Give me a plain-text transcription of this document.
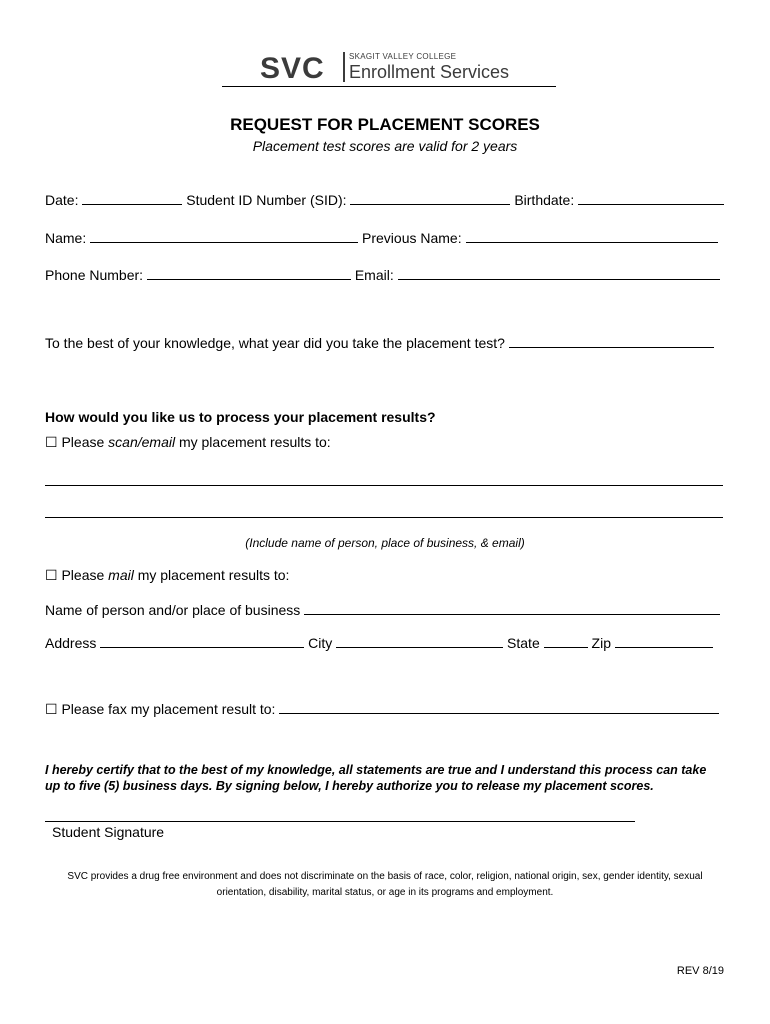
SVC	SKAGIT VALLEY COLLEGE
Enrollment Services
REQUEST FOR PLACEMENT SCORES
Placement test scores are valid for 2 years
Date:	Student ID Number (SID):	Birthdate:
Name:	Previous Name:
Phone Number:	Email:
To the best of your knowledge, what year did you take the placement test?
How would you like us to process your placement results?
☐ Please scan/email my placement results to:
(Include name of person, place of business, & email)
☐ Please mail my placement results to:
Name of person and/or place of business
Address	City	State	Zip
☐ Please fax my placement result to:
I hereby certify that to the best of my knowledge, all statements are true and I understand this process can take up to five (5) business days. By signing below, I hereby authorize you to release my placement scores.
Student Signature
SVC provides a drug free environment and does not discriminate on the basis of race, color, religion, national origin, sex, gender identity, sexual orientation, disability, marital status, or age in its programs and employment.
REV 8/19
